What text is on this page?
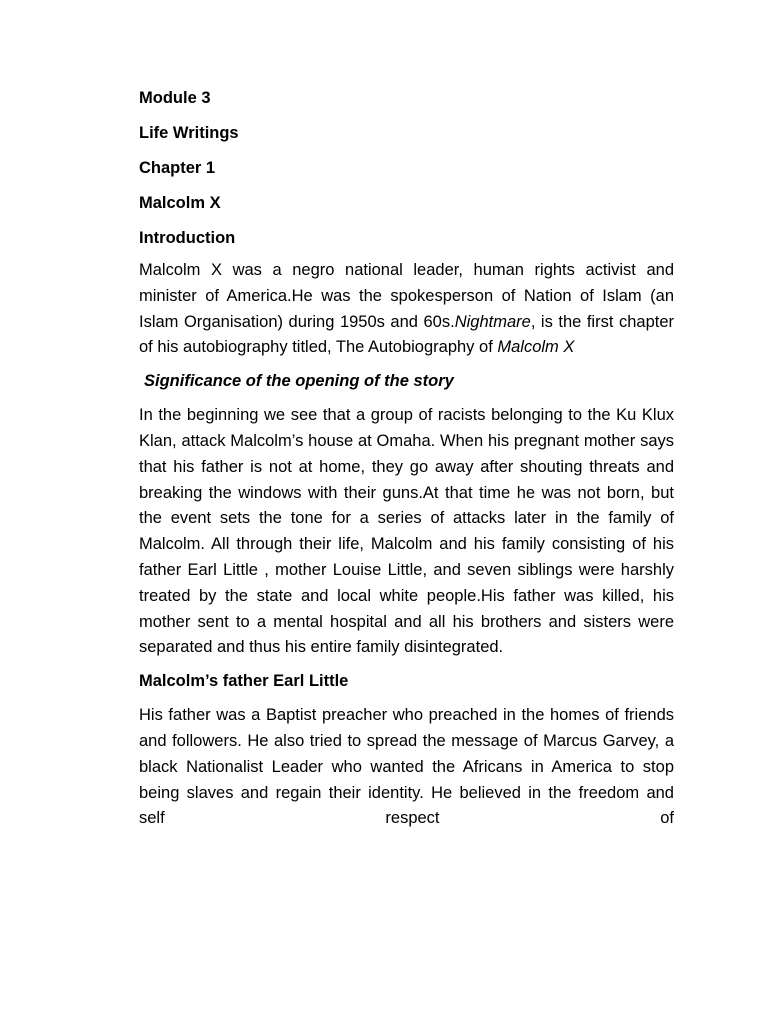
Module 3
Life Writings
Chapter 1
Malcolm X
Introduction

Malcolm X was a negro national leader, human rights activist and minister of America.He was the spokesperson of Nation of Islam (an Islam Organisation) during 1950s and 60s.Nightmare, is the first chapter of his autobiography titled, The Autobiography of Malcolm X

Significance of the opening of the story

In the beginning we see that a group of racists belonging to the Ku Klux Klan, attack Malcolm’s house at Omaha. When his pregnant mother says that his father is not at home, they go away after shouting threats and breaking the windows with their guns.At that time he was not born, but the event sets the tone for a series of attacks later in the family of Malcolm. All through their life, Malcolm and his family consisting of his father Earl Little , mother Louise Little, and seven siblings were harshly treated by the state and local white people.His father was killed, his mother sent to a mental hospital and all his brothers and sisters were separated and thus his entire family disintegrated.

Malcolm’s father Earl Little

His father was a Baptist preacher who preached in the homes of friends and followers. He also tried to spread the message of Marcus Garvey, a black Nationalist Leader who wanted the Africans in America to stop being slaves and regain their identity. He believed in the freedom and self respect of
